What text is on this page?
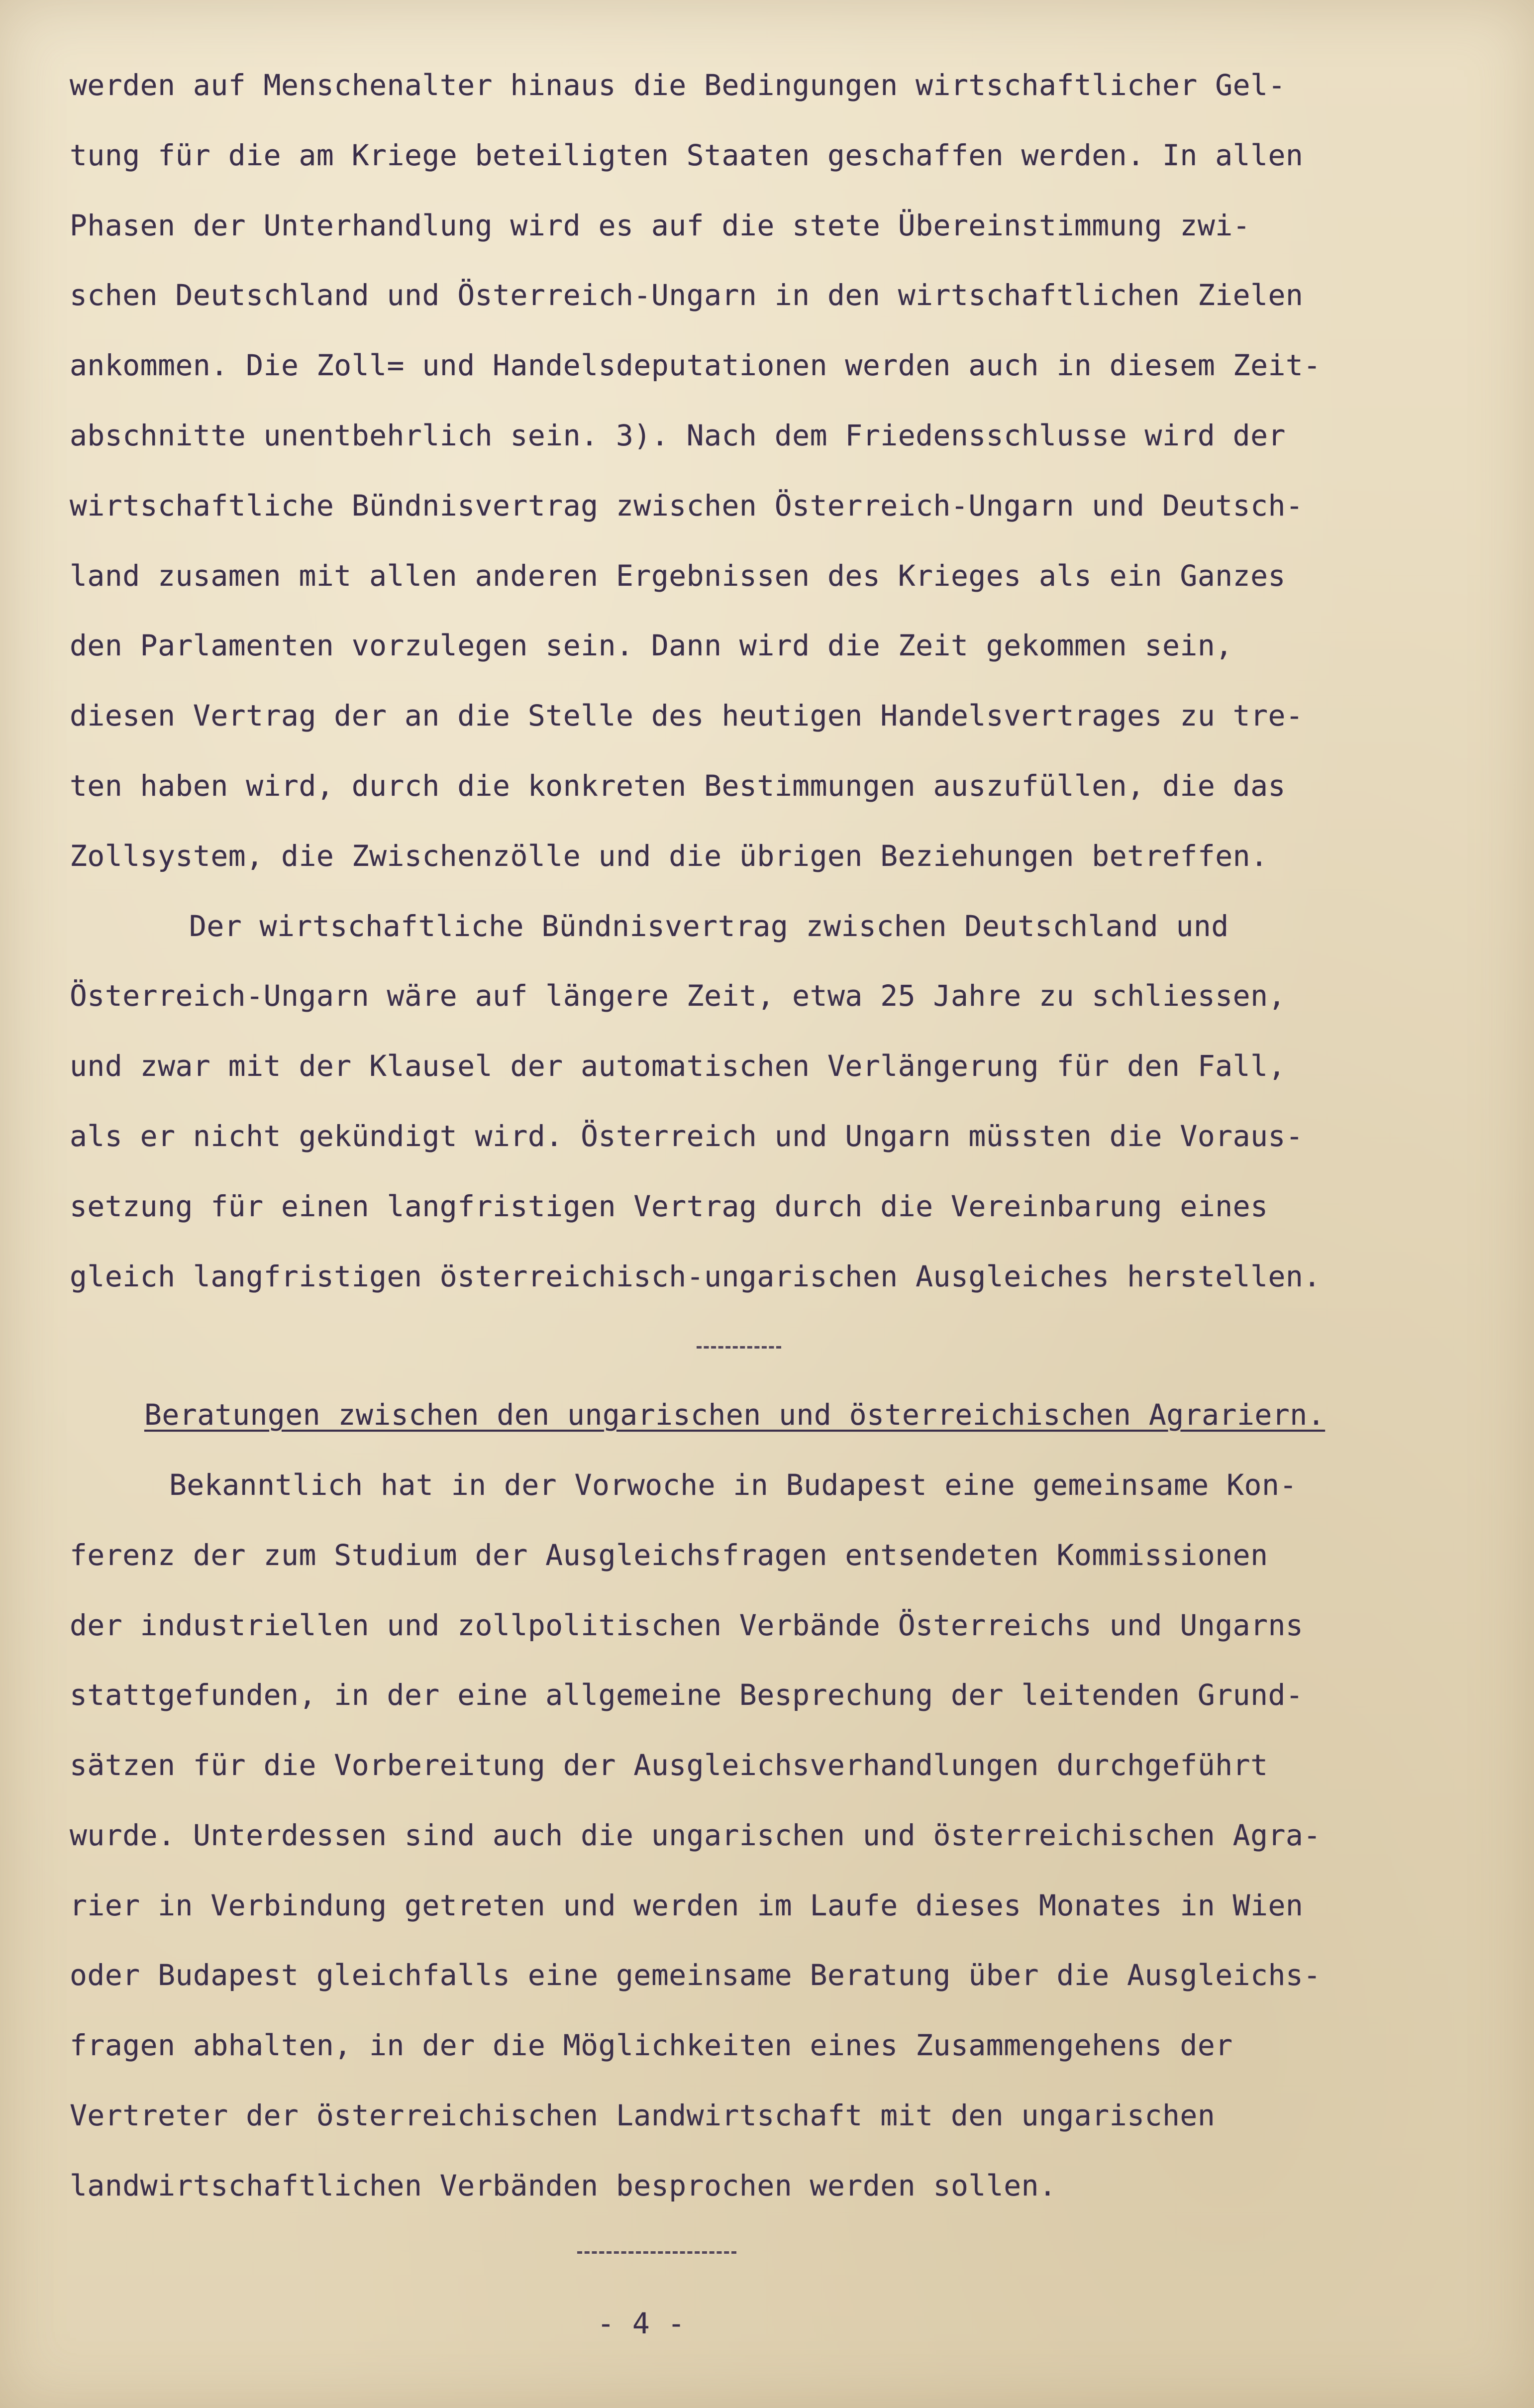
werden auf Menschenalter hinaus die Bedingungen wirtschaftlicher Gel-
tung für die am Kriege beteiligten Staaten geschaffen werden. In allen
Phasen der Unterhandlung wird es auf die stete Übereinstimmung zwi-
schen Deutschland und Österreich-Ungarn in den wirtschaftlichen Zielen
ankommen. Die Zoll= und Handelsdeputationen werden auch in diesem Zeit-
abschnitte unentbehrlich sein. 3). Nach dem Friedensschlusse wird der
wirtschaftliche Bündnisvertrag zwischen Österreich-Ungarn und Deutsch-
land zusamen mit allen anderen Ergebnissen des Krieges als ein Ganzes
den Parlamenten vorzulegen sein. Dann wird die Zeit gekommen sein,
diesen Vertrag der an die Stelle des heutigen Handelsvertrages zu tre-
ten haben wird, durch die konkreten Bestimmungen auszufüllen, die das
Zollsystem, die Zwischenzölle und die übrigen Beziehungen betreffen.
Der wirtschaftliche Bündnisvertrag zwischen Deutschland und
Österreich-Ungarn wäre auf längere Zeit, etwa 25 Jahre zu schliessen,
und zwar mit der Klausel der automatischen Verlängerung für den Fall,
als er nicht gekündigt wird. Österreich und Ungarn müssten die Voraus-
setzung für einen langfristigen Vertrag durch die Vereinbarung eines
gleich langfristigen österreichisch-ungarischen Ausgleiches herstellen.
Beratungen zwischen den ungarischen und österreichischen Agrariern.
Bekanntlich hat in der Vorwoche in Budapest eine gemeinsame Kon-
ferenz der zum Studium der Ausgleichsfragen entsendeten Kommissionen
der industriellen und zollpolitischen Verbände Österreichs und Ungarns
stattgefunden, in der eine allgemeine Besprechung der leitenden Grund-
sätzen für die Vorbereitung der Ausgleichsverhandlungen durchgeführt
wurde. Unterdessen sind auch die ungarischen und österreichischen Agra-
rier in Verbindung getreten und werden im Laufe dieses Monates in Wien
oder Budapest gleichfalls eine gemeinsame Beratung über die Ausgleichs-
fragen abhalten, in der die Möglichkeiten eines Zusammengehens der
Vertreter der österreichischen Landwirtschaft mit den ungarischen
landwirtschaftlichen Verbänden besprochen werden sollen.
- 4 -
